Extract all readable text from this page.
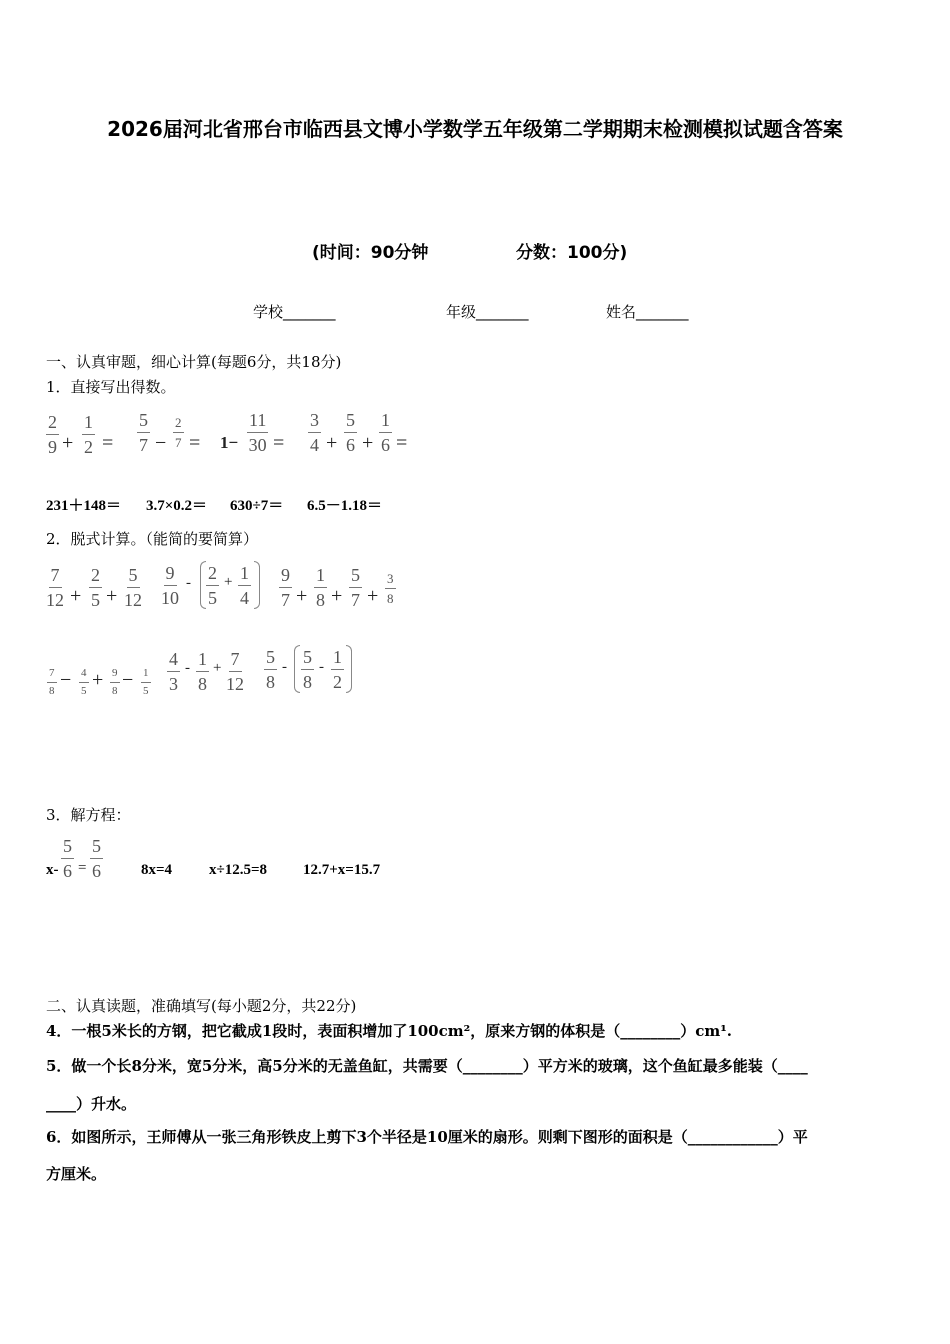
2026届河北省邢台市临西县文博小学数学五年级第二学期期末检测模拟试题含答案
(时间：90分钟	分数：100分)
学校_______	年级_______	姓名_______
一、认真审题，细心计算(每题6分，共18分)
1．直接写出得数。
$\frac{2}{9} + \frac{1}{2} = \frac{5}{7} - \frac{2}{7} = 1- \frac{11}{30} = \frac{3}{4} + \frac{5}{6} + \frac{1}{6}$ =
231＋148＝ 3.7×0.2＝ 630÷7＝ 6.5－1.18＝
2．脱式计算。（能简的要简算）
$\frac{7}{12} + \frac{2}{5} + \frac{5}{12} \frac{9}{10} - \frac{2}{5} + \frac{1}{4} \frac{9}{7} + \frac{1}{8} + \frac{5}{7} + \frac{3}{8}$
$\frac{7}{8} - \frac{4}{5} + \frac{9}{8} - \frac{1}{5} \frac{4}{3} - \frac{1}{8} + \frac{7}{12} \frac{5}{8} - \frac{5}{8} - \frac{1}{2}$
3．解方程：
$x- \frac{5}{6} = \frac{5}{6}$	8x=4 x÷12.5=8 12.7+x=15.7
二、认真读题，准确填写(每小题2分，共22分)
4．一根5米长的方钢，把它截成1段时，表面积增加了100cm²，原来方钢的体积是（________）cm¹.
5．做一个长8分米，宽5分米，高5分米的无盖鱼缸，共需要（________）平方米的玻璃，这个鱼缸最多能装（____
____）升水。
6．如图所示，王师傅从一张三角形铁皮上剪下3个半径是10厘米的扇形。则剩下图形的面积是（____________）平
方厘米。
